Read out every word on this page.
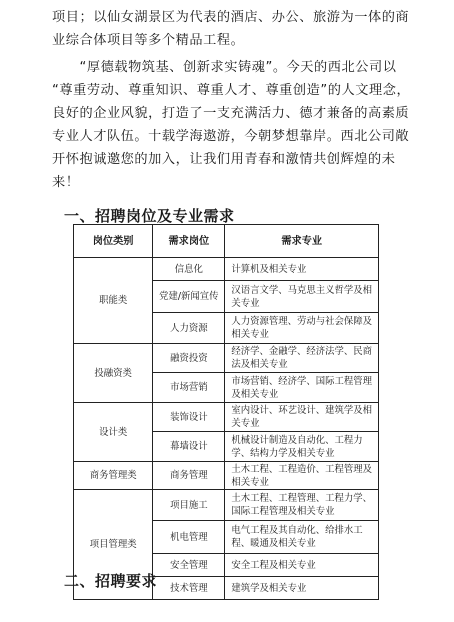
项目；以仙女湖景区为代表的酒店、办公、旅游为一体的商
业综合体项目等多个精品工程。
　　“厚德载物筑基、创新求实铸魂”。今天的西北公司以
“尊重劳动、尊重知识、尊重人才、尊重创造”的人文理念，
良好的企业风貌，打造了一支充满活力、德才兼备的高素质
专业人才队伍。十载学海遨游，今朝梦想靠岸。西北公司敞
开怀抱诚邀您的加入，让我们用青春和激情共创辉煌的未
来！
一、招聘岗位及专业需求
岗位类别	需求岗位	需求专业
职能类	信息化	计算机及相关专业
	党建/新闻宣传	汉语言文学、马克思主义哲学及相关专业
	人力资源	人力资源管理、劳动与社会保障及相关专业
投融资类	融资投资	经济学、金融学、经济法学、民商法及相关专业
	市场营销	市场营销、经济学、国际工程管理及相关专业
设计类	装饰设计	室内设计、环艺设计、建筑学及相关专业
	幕墙设计	机械设计制造及自动化、工程力学、结构力学及相关专业
商务管理类	商务管理	土木工程、工程造价、工程管理及相关专业
项目管理类	项目施工	土木工程、工程管理、工程力学、国际工程管理及相关专业
	机电管理	电气工程及其自动化、给排水工程、暖通及相关专业
	安全管理	安全工程及相关专业
	技术管理	建筑学及相关专业
二、招聘要求
